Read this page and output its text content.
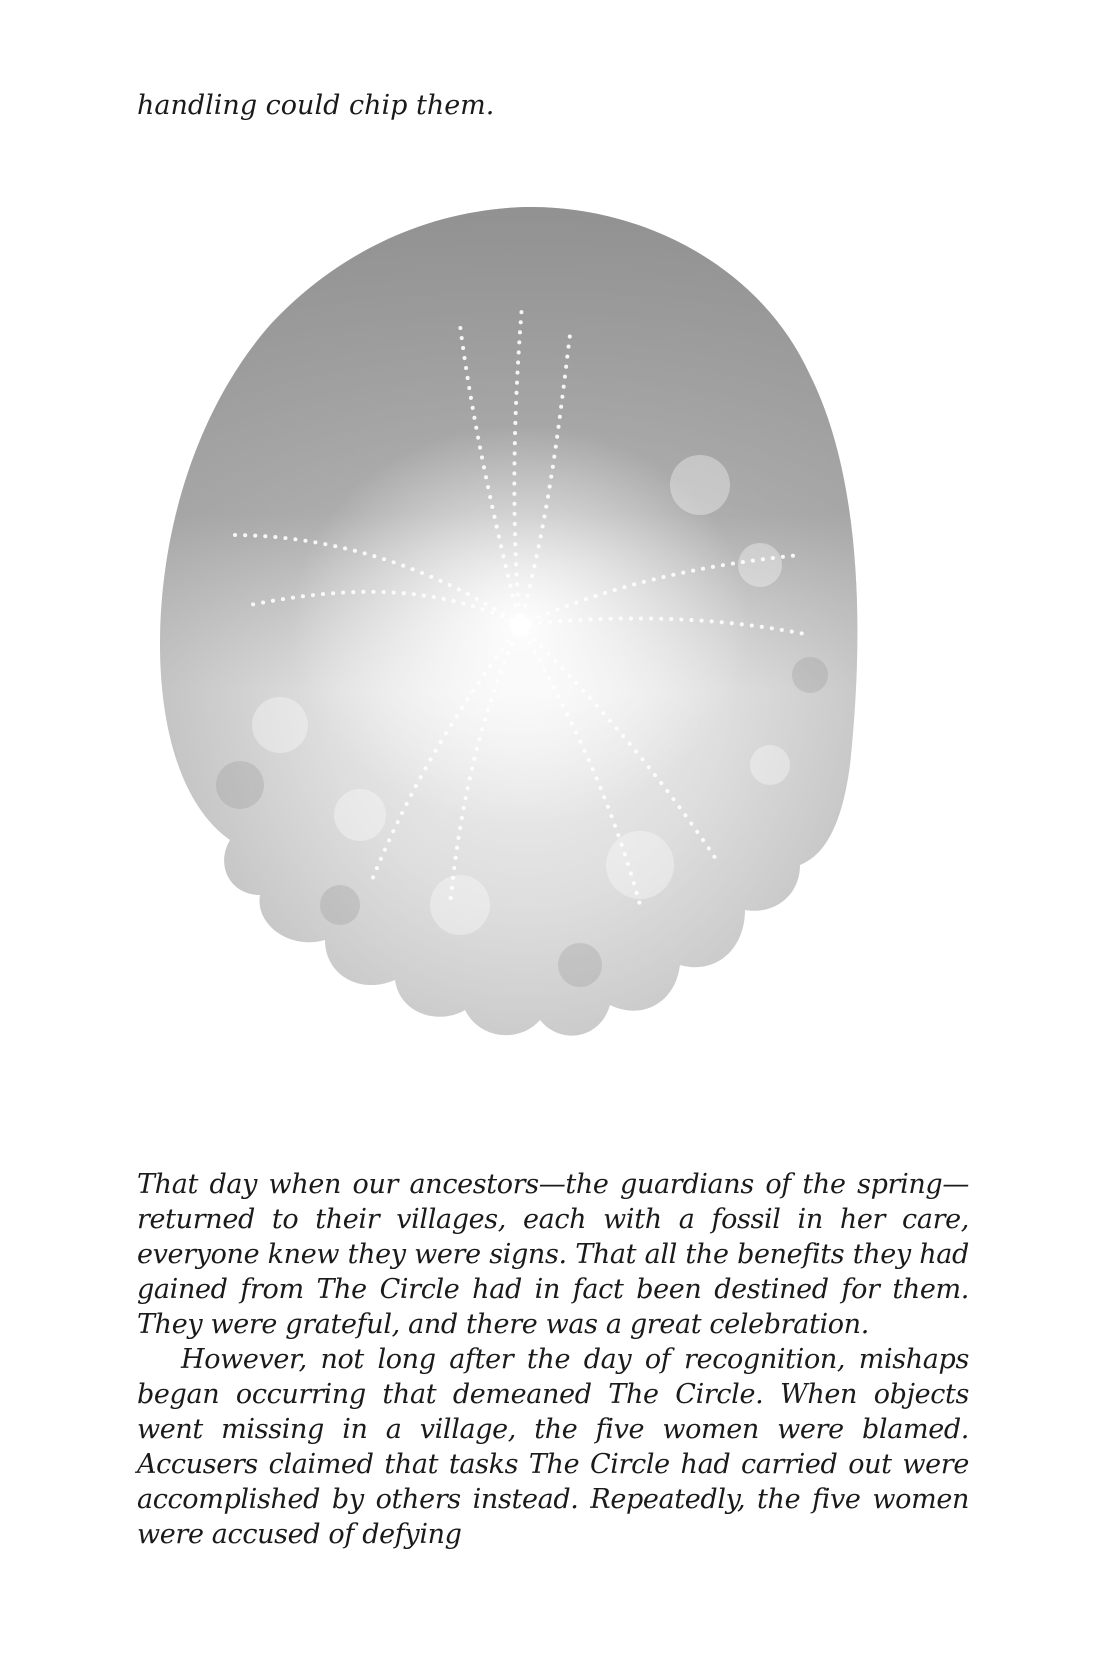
handling could chip them.

That day when our ancestors—the guardians of the spring—returned to their villages, each with a fossil in her care, everyone knew they were signs. That all the benefits they had gained from The Circle had in fact been destined for them. They were grateful, and there was a great celebration.

However, not long after the day of recognition, mishaps began occurring that demeaned The Circle. When objects went missing in a village, the five women were blamed. Accusers claimed that tasks The Circle had carried out were accomplished by others instead. Repeatedly, the five women were accused of defying
